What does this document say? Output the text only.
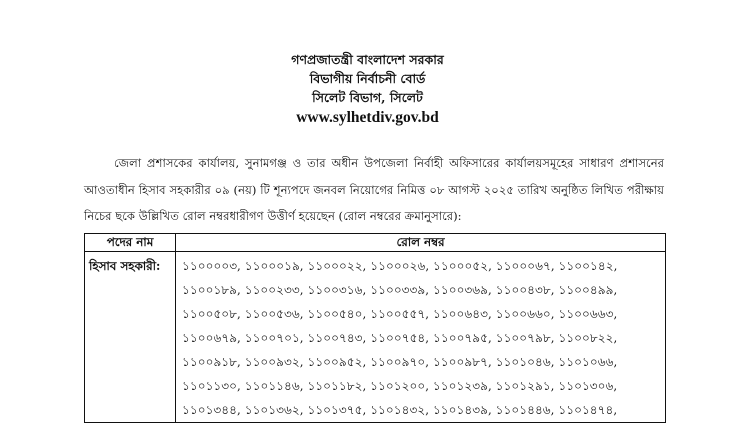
গণপ্রজাতন্ত্রী বাংলাদেশ সরকার
বিভাগীয় নির্বাচনী বোর্ড
সিলেট বিভাগ, সিলেট
www.sylhetdiv.gov.bd
জেলা প্রশাসকের কার্যালয়, সুনামগঞ্জ ও তার অধীন উপজেলা নির্বাহী অফিসারের কার্যালয়সমূহের সাধারণ প্রশাসনের আওতাধীন হিসাব সহকারীর ০৯ (নয়) টি শূন্যপদে জনবল নিয়োগের নিমিত্ত ০৮ আগস্ট ২০২৫ তারিখ অনুষ্ঠিত লিখিত পরীক্ষায় নিচের ছকে উল্লিখিত রোল নম্বরধারীগণ উত্তীর্ণ হয়েছেন (রোল নম্বরের ক্রমানুসারে):
পদের নাম	রোল নম্বর
হিসাব সহকারী:	১১০০০০৩, ১১০০০১৯, ১১০০০২২, ১১০০০২৬, ১১০০০৫২, ১১০০০৬৭, ১১০০১৪২, ১১০০১৮৯, ১১০০২৩৩, ১১০০৩১৬, ১১০০৩৩৯, ১১০০৩৬৯, ১১০০৪৩৮, ১১০০৪৯৯, ১১০০৫০৮, ১১০০৫৩৬, ১১০০৫৪০, ১১০০৫৫৭, ১১০০৬৪৩, ১১০০৬৬০, ১১০০৬৬৩, ১১০০৬৭৯, ১১০০৭০১, ১১০০৭৪৩, ১১০০৭৫৪, ১১০০৭৯৫, ১১০০৭৯৮, ১১০০৮২২, ১১০০৯১৮, ১১০০৯৩২, ১১০০৯৫২, ১১০০৯৭০, ১১০০৯৮৭, ১১০১০৪৬, ১১০১০৬৬, ১১০১১৩০, ১১০১১৪৬, ১১০১১৮২, ১১০১২০০, ১১০১২৩৯, ১১০১২৯১, ১১০১৩০৬, ১১০১৩৪৪, ১১০১৩৬২, ১১০১৩৭৫, ১১০১৪৩২, ১১০১৪৩৯, ১১০১৪৪৬, ১১০১৪৭৪,
